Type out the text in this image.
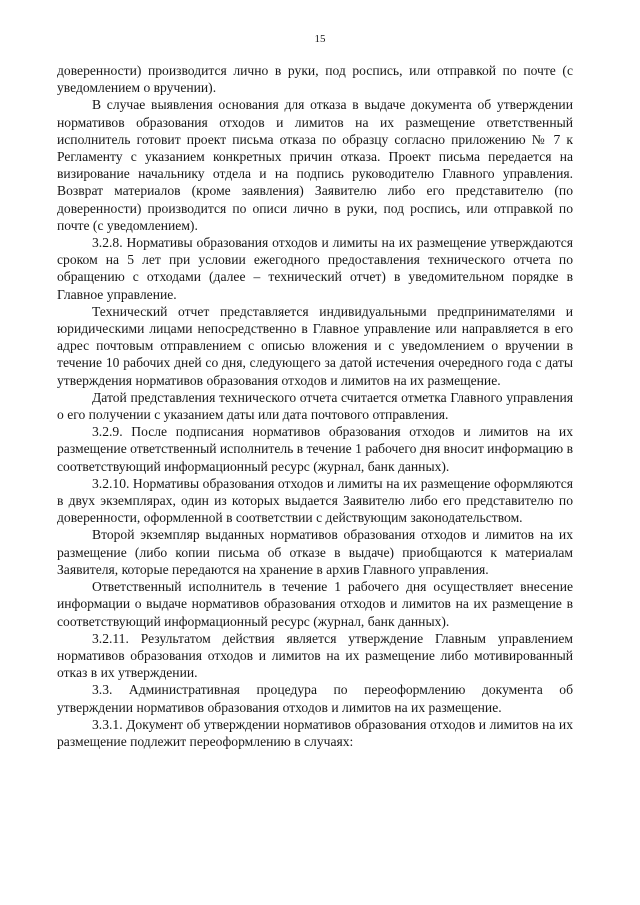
15

доверенности) производится лично в руки, под роспись, или отправкой по почте (с уведомлением о вручении).

В случае выявления основания для отказа в выдаче документа об утверждении нормативов образования отходов и лимитов на их размещение ответственный исполнитель готовит проект письма отказа по образцу согласно приложению № 7 к Регламенту с указанием конкретных причин отказа. Проект письма передается на визирование начальнику отдела и на подпись руководителю Главного управления. Возврат материалов (кроме заявления) Заявителю либо его представителю (по доверенности) производится по описи лично в руки, под роспись, или отправкой по почте (с уведомлением).

3.2.8. Нормативы образования отходов и лимиты на их размещение утверждаются сроком на 5 лет при условии ежегодного предоставления технического отчета по обращению с отходами (далее – технический отчет) в уведомительном порядке в Главное управление.

Технический отчет представляется индивидуальными предпринимателями и юридическими лицами непосредственно в Главное управление или направляется в его адрес почтовым отправлением с описью вложения и с уведомлением о вручении в течение 10 рабочих дней со дня, следующего за датой истечения очередного года с даты утверждения нормативов образования отходов и лимитов на их размещение.

Датой представления технического отчета считается отметка Главного управления о его получении с указанием даты или дата почтового отправления.

3.2.9. После подписания нормативов образования отходов и лимитов на их размещение ответственный исполнитель в течение 1 рабочего дня вносит информацию в соответствующий информационный ресурс (журнал, банк данных).

3.2.10. Нормативы образования отходов и лимиты на их размещение оформляются в двух экземплярах, один из которых выдается Заявителю либо его представителю по доверенности, оформленной в соответствии с действующим законодательством.

Второй экземпляр выданных нормативов образования отходов и лимитов на их размещение (либо копии письма об отказе в выдаче) приобщаются к материалам Заявителя, которые передаются на хранение в архив Главного управления.

Ответственный исполнитель в течение 1 рабочего дня осуществляет внесение информации о выдаче нормативов образования отходов и лимитов на их размещение в соответствующий информационный ресурс (журнал, банк данных).

3.2.11. Результатом действия является утверждение Главным управлением нормативов образования отходов и лимитов на их размещение либо мотивированный отказ в их утверждении.

3.3. Административная процедура по переоформлению документа об утверждении нормативов образования отходов и лимитов на их размещение.

3.3.1. Документ об утверждении нормативов образования отходов и лимитов на их размещение подлежит переоформлению в случаях:
